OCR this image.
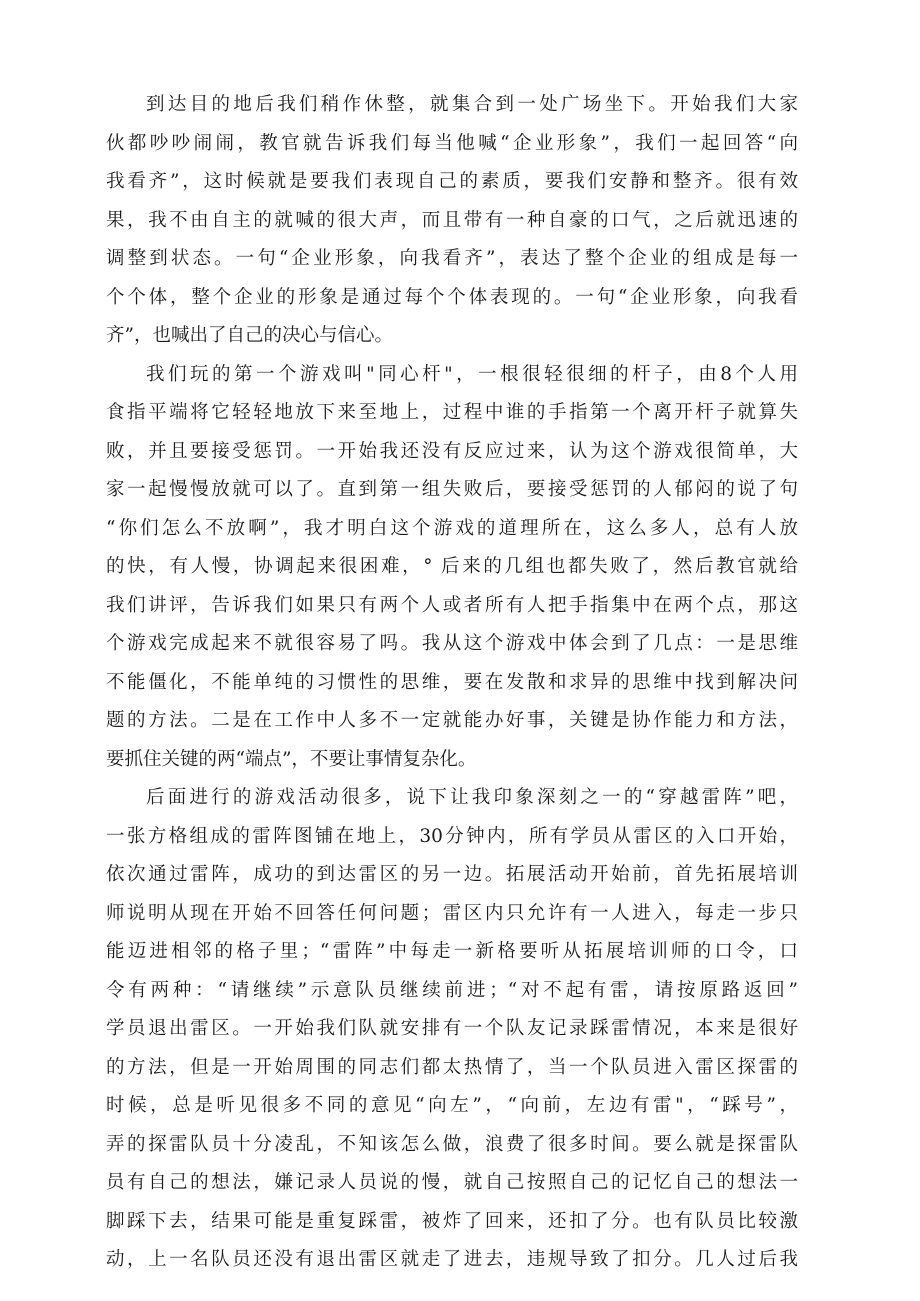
到达目的地后我们稍作休整，就集合到一处广场坐下。开始我们大家
伙都吵吵闹闹，教官就告诉我们每当他喊“企业形象”，我们一起回答“向
我看齐”，这时候就是要我们表现自己的素质，要我们安静和整齐。很有效
果，我不由自主的就喊的很大声，而且带有一种自豪的口气，之后就迅速的
调整到状态。一句“企业形象，向我看齐”，表达了整个企业的组成是每一
个个体，整个企业的形象是通过每个个体表现的。一句“企业形象，向我看
齐”，也喊出了自己的决心与信心。
我们玩的第一个游戏叫"同心杆"，一根很轻很细的杆子，由8个人用
食指平端将它轻轻地放下来至地上，过程中谁的手指第一个离开杆子就算失
败，并且要接受惩罚。一开始我还没有反应过来，认为这个游戏很简单，大
家一起慢慢放就可以了。直到第一组失败后，要接受惩罚的人郁闷的说了句
“你们怎么不放啊”，我才明白这个游戏的道理所在，这么多人，总有人放
的快，有人慢，协调起来很困难，° 后来的几组也都失败了，然后教官就给
我们讲评，告诉我们如果只有两个人或者所有人把手指集中在两个点，那这
个游戏完成起来不就很容易了吗。我从这个游戏中体会到了几点：一是思维
不能僵化，不能单纯的习惯性的思维，要在发散和求异的思维中找到解决问
题的方法。二是在工作中人多不一定就能办好事，关键是协作能力和方法，
要抓住关键的两“端点”，不要让事情复杂化。
后面进行的游戏活动很多，说下让我印象深刻之一的“穿越雷阵”吧，
一张方格组成的雷阵图铺在地上，30分钟内，所有学员从雷区的入口开始，
依次通过雷阵，成功的到达雷区的另一边。拓展活动开始前，首先拓展培训
师说明从现在开始不回答任何问题；雷区内只允许有一人进入，每走一步只
能迈进相邻的格子里；“雷阵”中每走一新格要听从拓展培训师的口令，口
令有两种：“请继续”示意队员继续前进；“对不起有雷，请按原路返回”
学员退出雷区。一开始我们队就安排有一个队友记录踩雷情况，本来是很好
的方法，但是一开始周围的同志们都太热情了，当一个队员进入雷区探雷的
时候，总是听见很多不同的意见“向左”，“向前，左边有雷"，“踩号”，
弄的探雷队员十分凌乱，不知该怎么做，浪费了很多时间。要么就是探雷队
员有自己的想法，嫌记录人员说的慢，就自己按照自己的记忆自己的想法一
脚踩下去，结果可能是重复踩雷，被炸了回来，还扣了分。也有队员比较激
动，上一名队员还没有退出雷区就走了进去，违规导致了扣分。几人过后我
